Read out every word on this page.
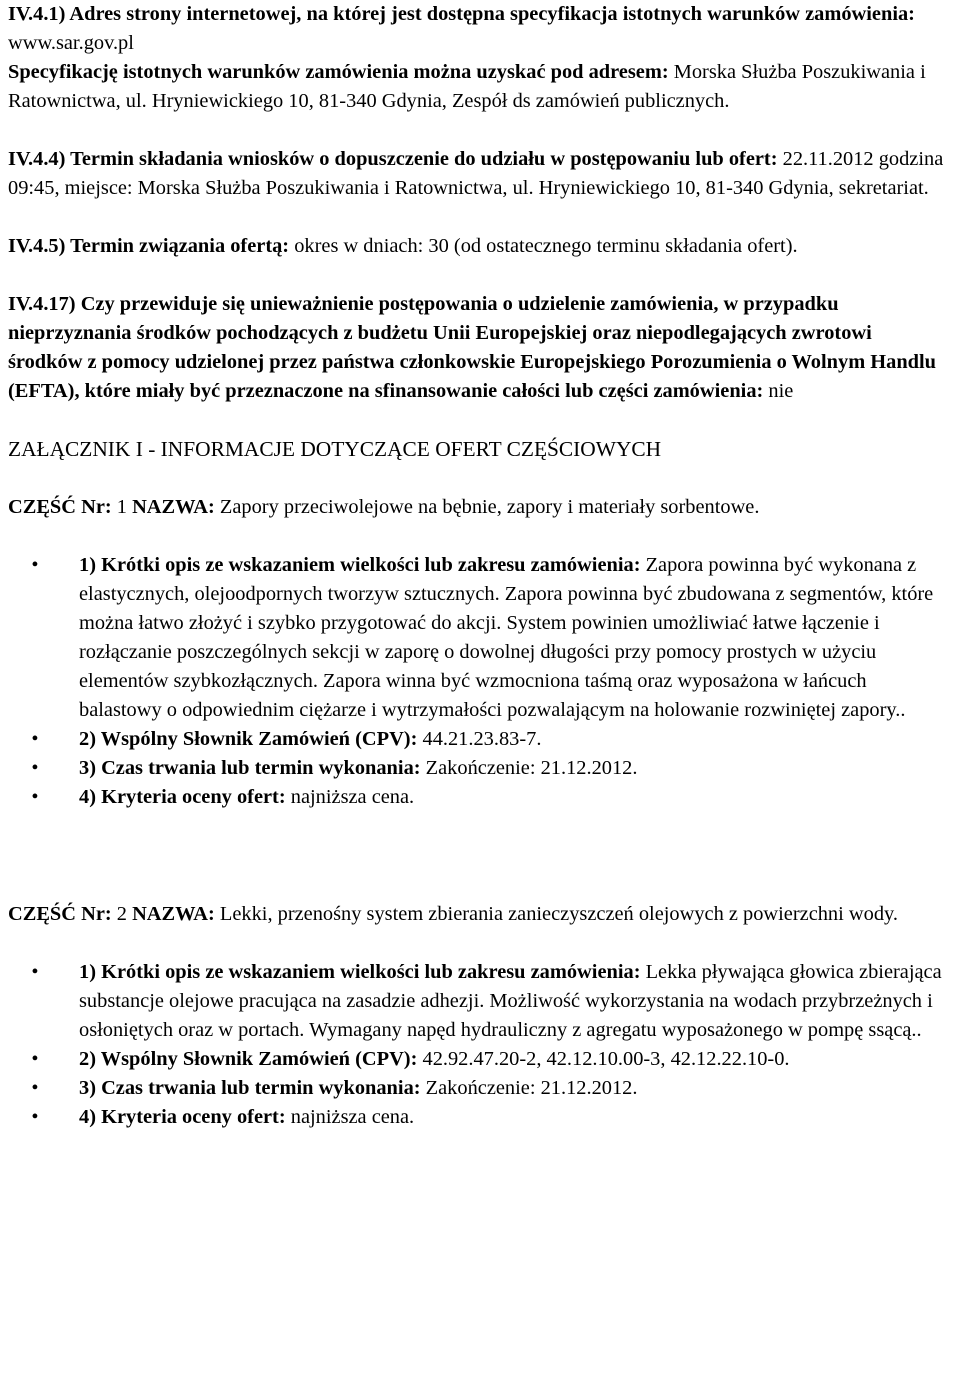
IV.4.1) Adres strony internetowej, na której jest dostępna specyfikacja istotnych warunków zamówienia: www.sar.gov.pl

Specyfikację istotnych warunków zamówienia można uzyskać pod adresem: Morska Służba Poszukiwania i Ratownictwa, ul. Hryniewickiego 10, 81-340 Gdynia, Zespół ds zamówień publicznych.

IV.4.4) Termin składania wniosków o dopuszczenie do udziału w postępowaniu lub ofert: 22.11.2012 godzina 09:45, miejsce: Morska Służba Poszukiwania i Ratownictwa, ul. Hryniewickiego 10, 81-340 Gdynia, sekretariat.

IV.4.5) Termin związania ofertą: okres w dniach: 30 (od ostatecznego terminu składania ofert).

IV.4.17) Czy przewiduje się unieważnienie postępowania o udzielenie zamówienia, w przypadku nieprzyznania środków pochodzących z budżetu Unii Europejskiej oraz niepodlegających zwrotowi środków z pomocy udzielonej przez państwa członkowskie Europejskiego Porozumienia o Wolnym Handlu (EFTA), które miały być przeznaczone na sfinansowanie całości lub części zamówienia: nie

ZAŁĄCZNIK I - INFORMACJE DOTYCZĄCE OFERT CZĘŚCIOWYCH

CZĘŚĆ Nr: 1 NAZWA: Zapory przeciwolejowe na bębnie, zapory i materiały sorbentowe.

•	1) Krótki opis ze wskazaniem wielkości lub zakresu zamówienia: Zapora powinna być wykonana z elastycznych, olejoodpornych tworzyw sztucznych. Zapora powinna być zbudowana z segmentów, które można łatwo złożyć i szybko przygotować do akcji. System powinien umożliwiać łatwe łączenie i rozłączanie poszczególnych sekcji w zaporę o dowolnej długości przy pomocy prostych w użyciu elementów szybkozłącznych. Zapora winna być wzmocniona taśmą oraz wyposażona w łańcuch balastowy o odpowiednim ciężarze i wytrzymałości pozwalającym na holowanie rozwiniętej zapory..
•	2) Wspólny Słownik Zamówień (CPV): 44.21.23.83-7.
•	3) Czas trwania lub termin wykonania: Zakończenie: 21.12.2012.
•	4) Kryteria oceny ofert: najniższa cena.

CZĘŚĆ Nr: 2 NAZWA: Lekki, przenośny system zbierania zanieczyszczeń olejowych z powierzchni wody.

•	1) Krótki opis ze wskazaniem wielkości lub zakresu zamówienia: Lekka pływająca głowica zbierająca substancje olejowe pracująca na zasadzie adhezji. Możliwość wykorzystania na wodach przybrzeżnych i osłoniętych oraz w portach. Wymagany napęd hydrauliczny z agregatu wyposażonego w pompę ssącą..
•	2) Wspólny Słownik Zamówień (CPV): 42.92.47.20-2, 42.12.10.00-3, 42.12.22.10-0.
•	3) Czas trwania lub termin wykonania: Zakończenie: 21.12.2012.
•	4) Kryteria oceny ofert: najniższa cena.
